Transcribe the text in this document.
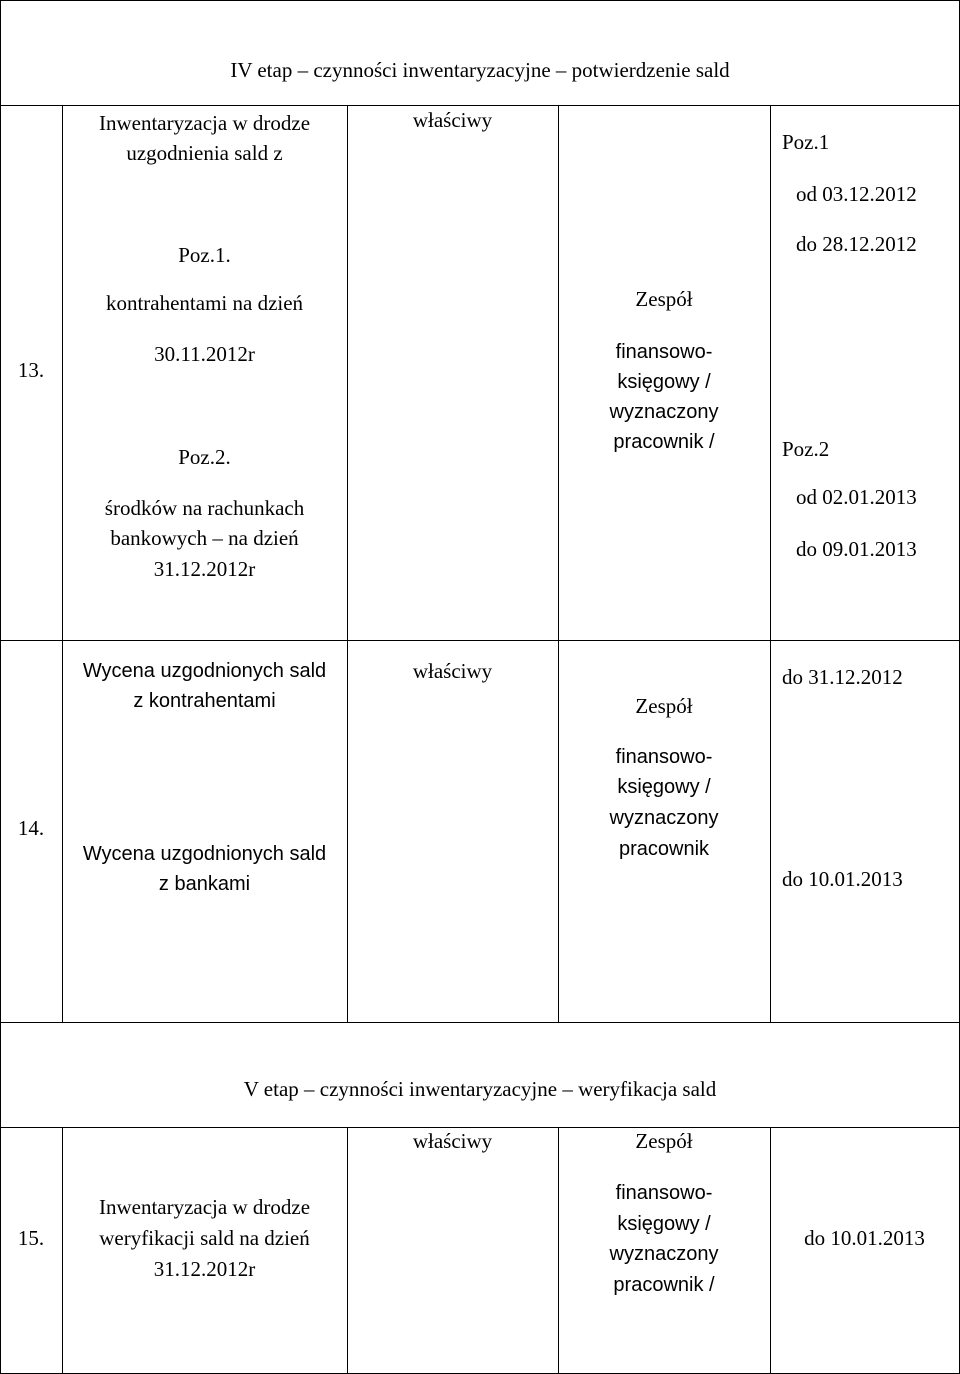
IV etap – czynności inwentaryzacyjne – potwierdzenie sald
13.
Inwentaryzacja w drodze
uzgodnienia sald z
Poz.1.
kontrahentami na dzień
30.11.2012r
Poz.2.
środków na rachunkach
bankowych – na dzień
31.12.2012r
właściwy
Zespół
finansowo-
księgowy /
wyznaczony
pracownik /
Poz.1
od 03.12.2012
do 28.12.2012
Poz.2
od 02.01.2013
do 09.01.2013
14.
Wycena uzgodnionych sald
z kontrahentami
Wycena uzgodnionych sald
z bankami
właściwy
Zespół
finansowo-
księgowy /
wyznaczony
pracownik
do 31.12.2012
do 10.01.2013
V etap – czynności inwentaryzacyjne – weryfikacja sald
15.
Inwentaryzacja w drodze
weryfikacji sald na dzień
31.12.2012r
właściwy	Zespół
finansowo-
księgowy /
wyznaczony
pracownik /
do 10.01.2013
